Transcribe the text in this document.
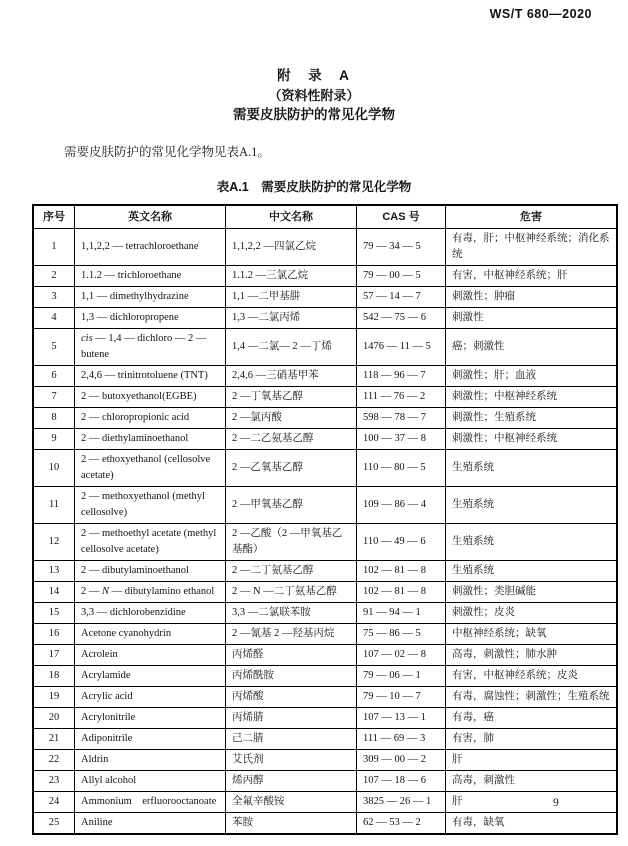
WS/T 680—2020
附　录　A
（资料性附录）
需要皮肤防护的常见化学物

需要皮肤防护的常见化学物见表A.1。

表A.1　需要皮肤防护的常见化学物
序号	英文名称	中文名称	CAS 号	危害
1	1,1,2,2 — tetrachloroethane	1,1,2,2 —四氯乙烷	79 — 34 — 5	有毒，肝；中枢神经系统；消化系统
2	1.1.2 — trichloroethane	1.1.2 —三氯乙烷	79 — 00 — 5	有害，中枢神经系统；肝
3	1,1 — dimethylhydrazine	1,1 —二甲基肼	57 — 14 — 7	刺激性；肿瘤
4	1,3 — dichloropropene	1,3 —二氯丙烯	542 — 75 — 6	刺激性
5	cis — 1,4 — dichloro — 2 — butene	1,4 —二氯— 2 —丁烯	1476 — 11 — 5	癌；刺激性
6	2,4,6 — trinitrotoluene (TNT)	2,4,6 —三硝基甲苯	118 — 96 — 7	刺激性；肝；血液
7	2 — butoxyethanol(EGBE)	2 —丁氧基乙醇	111 — 76 — 2	刺激性；中枢神经系统
8	2 — chloropropionic acid	2 —氯丙酸	598 — 78 — 7	刺激性；生殖系统
9	2 — diethylaminoethanol	2 —二乙氨基乙醇	100 — 37 — 8	刺激性；中枢神经系统
10	2 — ethoxyethanol (cellosolve acetate)	2 —乙氧基乙醇	110 — 80 — 5	生殖系统
11	2 — methoxyethanol (methyl cellosolve)	2 —甲氧基乙醇	109 — 86 — 4	生殖系统
12	2 — methoethyl acetate (methyl cellosolve acetate)	2 —乙酸（2 —甲氧基乙基酯）	110 — 49 — 6	生殖系统
13	2 — dibutylaminoethanol	2 —二丁氨基乙醇	102 — 81 — 8	生殖系统
14	2 — N — dibutylamino ethanol	2 — N —二丁氨基乙醇	102 — 81 — 8	刺激性；类胆碱能
15	3,3 — dichlorobenzidine	3,3 —二氯联苯胺	91 — 94 — 1	刺激性；皮炎
16	Acetone cyanohydrin	2 —氰基 2 —羟基丙烷	75 — 86 — 5	中枢神经系统；缺氧
17	Acrolein	丙烯醛	107 — 02 — 8	高毒，刺激性；肺水肿
18	Acrylamide	丙烯酰胺	79 — 06 — 1	有害，中枢神经系统；皮炎
19	Acrylic acid	丙烯酸	79 — 10 — 7	有毒，腐蚀性；刺激性；生殖系统
20	Acrylonitrile	丙烯腈	107 — 13 — 1	有毒，癌
21	Adiponitrile	己二腈	111 — 69 — 3	有害，肺
22	Aldrin	艾氏剂	309 — 00 — 2	肝
23	Allyl alcohol	烯丙醇	107 — 18 — 6	高毒，刺激性
24	Ammonium　erfluorooctanoate	全氟辛酸铵	3825 — 26 — 1	肝
25	Aniline	苯胺	62 — 53 — 2	有毒，缺氧
9
